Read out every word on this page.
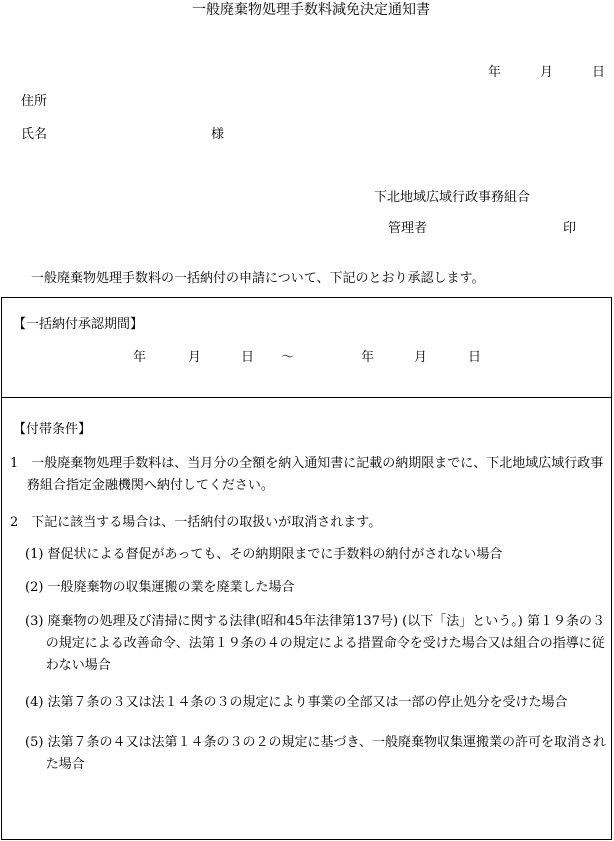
一般廃棄物処理手数料減免決定通知書
年	月	日
住所
氏名	様
下北地域広域行政事務組合
管理者	印
一般廃棄物処理手数料の一括納付の申請について、下記のとおり承認します。
【一括納付承認期間】
年	月	日 ～	年	月	日
【付帯条件】
1　一般廃棄物処理手数料は、当月分の全額を納入通知書に記載の納期限までに、下北地域広域行政事務組合指定金融機関へ納付してください。
2　下記に該当する場合は、一括納付の取扱いが取消されます。
(1) 督促状による督促があっても、その納期限までに手数料の納付がされない場合
(2) 一般廃棄物の収集運搬の業を廃業した場合
(3) 廃棄物の処理及び清掃に関する法律(昭和45年法律第137号) (以下「法」という。) 第１９条の３の規定による改善命令、法第１９条の４の規定による措置命令を受けた場合又は組合の指導に従わない場合
(4) 法第７条の３又は法１４条の３の規定により事業の全部又は一部の停止処分を受けた場合
(5) 法第７条の４又は法第１４条の３の２の規定に基づき、一般廃棄物収集運搬業の許可を取消された場合
